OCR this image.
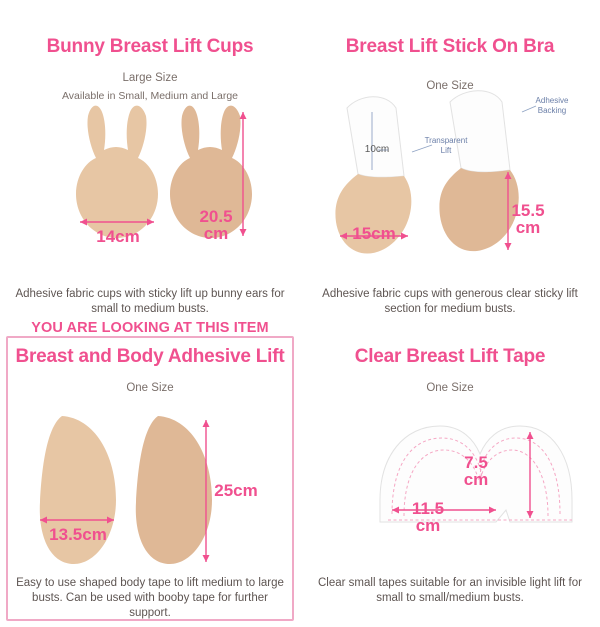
Bunny Breast Lift Cups
Large Size
Available in Small, Medium and Large
14cm
20.5 cm
Adhesive fabric cups with sticky lift up bunny ears for small to medium busts.
Breast Lift Stick On Bra
One Size
Adhesive Backing
Transparent Lift
10cm
15cm
15.5 cm
Adhesive fabric cups with generous clear sticky lift section for medium busts.
YOU ARE LOOKING AT THIS ITEM
Breast and Body Adhesive Lift
One Size
13.5cm
25cm
Easy to use shaped body tape to lift medium to large busts. Can be used with booby tape for further support.
Clear Breast Lift Tape
One Size
7.5 cm
11.5 cm
Clear small tapes suitable for an invisible light lift for small to small/medium busts.
